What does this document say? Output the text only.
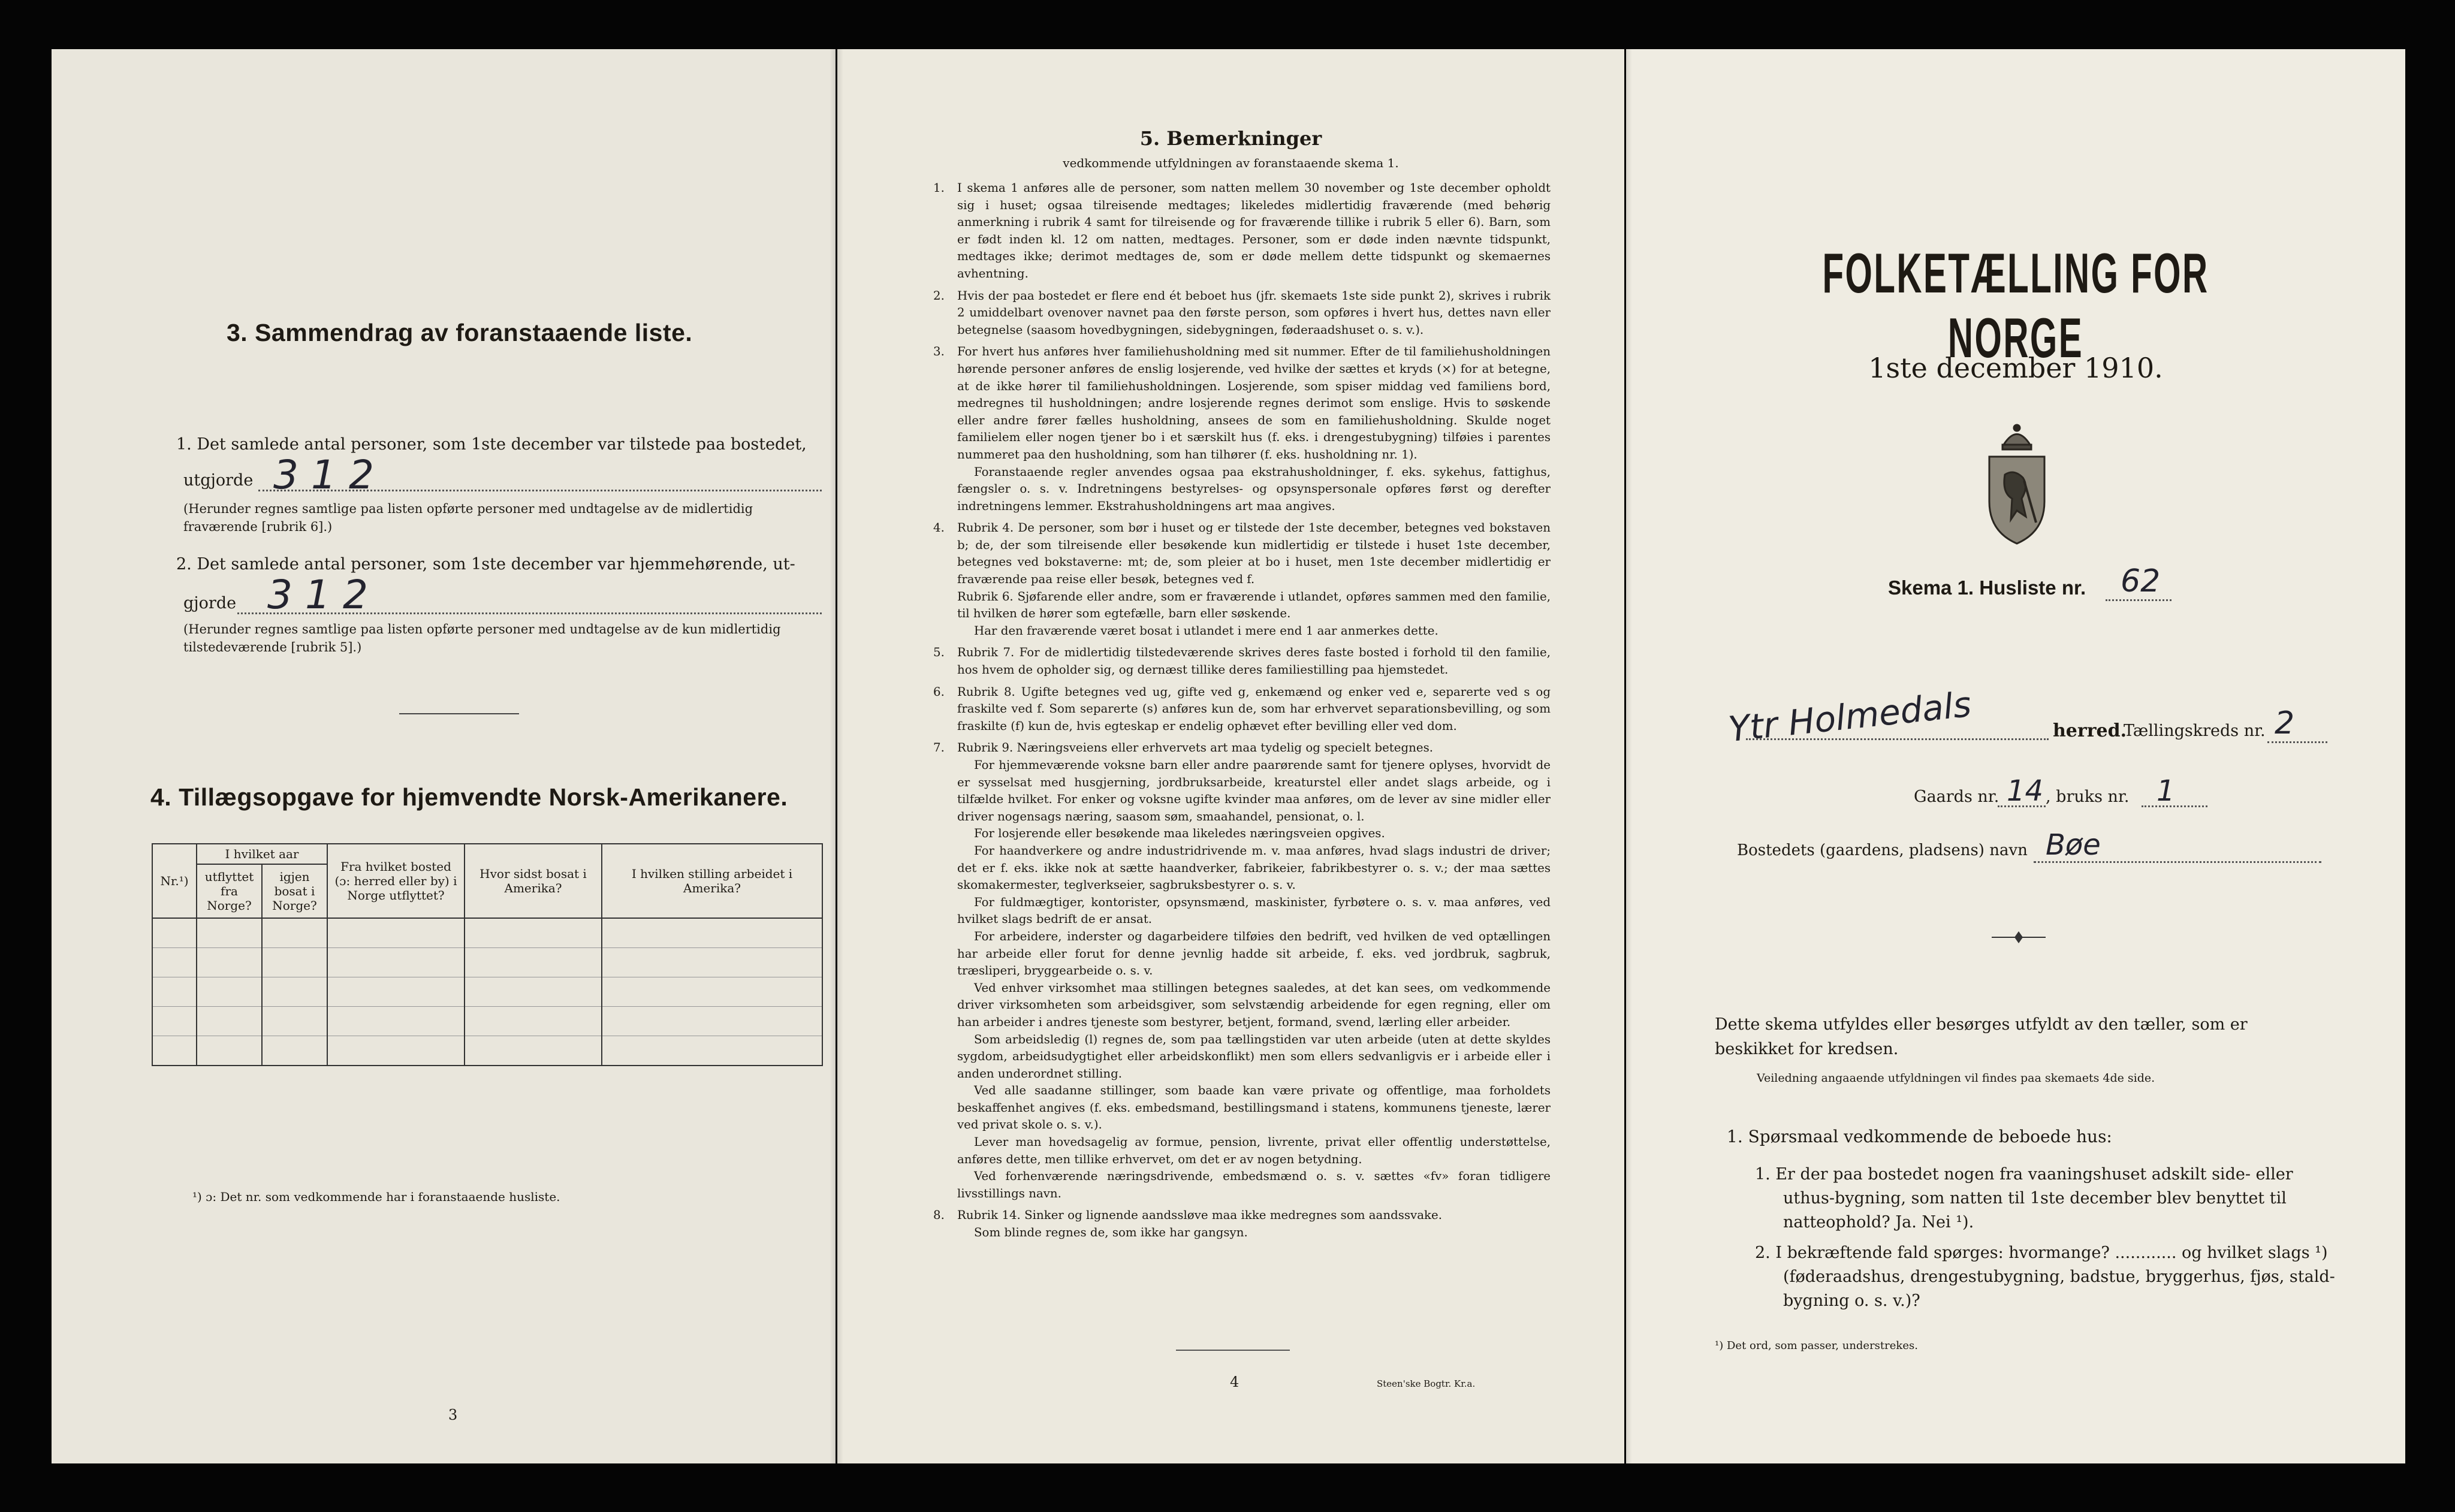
3. Sammendrag av foranstaaende liste.
1. Det samlede antal personer, som 1ste december var tilstede paa bostedet,
utgjorde 3 1 2
(Herunder regnes samtlige paa listen opførte personer med undtagelse av de midlertidig fraværende [rubrik 6].)
2. Det samlede antal personer, som 1ste december var hjemmehørende, ut-
gjorde 3 1 2
(Herunder regnes samtlige paa listen opførte personer med undtagelse av de kun midlertidig tilstedeværende [rubrik 5].)
4. Tillægsopgave for hjemvendte Norsk-Amerikanere.
Nr.¹)	I hvilket aar		Fra hvilket bosted (ɔ: herred eller by) i Norge utflyttet?	Hvor sidst bosat i Amerika?	I hvilken stilling arbeidet i Amerika?
	utflyttet fra Norge?	igjen bosat i Norge?			

¹) ɔ: Det nr. som vedkommende har i foranstaaende husliste.
3
5. Bemerkninger
vedkommende utfyldningen av foranstaaende skema 1.
1. I skema 1 anføres alle de personer, som natten mellem 30 november og 1ste december opholdt sig i huset; ogsaa tilreisende medtages; likeledes midlertidig fraværende (med behørig anmerkning i rubrik 4 samt for tilreisende og for fraværende tillike i rubrik 5 eller 6). Barn, som er født inden kl. 12 om natten, medtages. Personer, som er døde inden nævnte tidspunkt, medtages ikke; derimot medtages de, som er døde mellem dette tidspunkt og skemaernes avhentning.
2. Hvis der paa bostedet er flere end ét beboet hus (jfr. skemaets 1ste side punkt 2), skrives i rubrik 2 umiddelbart ovenover navnet paa den første person, som opføres i hvert hus, dettes navn eller betegnelse (saasom hovedbygningen, sidebygningen, føderaadshuset o. s. v.).
3. For hvert hus anføres hver familiehusholdning med sit nummer. Efter de til familiehusholdningen hørende personer anføres de enslig losjerende, ved hvilke der sættes et kryds (×) for at betegne, at de ikke hører til familiehusholdningen. Losjerende, som spiser middag ved familiens bord, medregnes til husholdningen; andre losjerende regnes derimot som enslige. Hvis to søskende eller andre fører fælles husholdning, ansees de som en familiehusholdning. Skulde noget familielem eller nogen tjener bo i et særskilt hus (f. eks. i drengestubygning) tilføies i parentes nummeret paa den husholdning, som han tilhører (f. eks. husholdning nr. 1).
Foranstaaende regler anvendes ogsaa paa ekstrahusholdninger, f. eks. sykehus, fattighus, fængsler o. s. v. Indretningens bestyrelses- og opsynspersonale opføres først og derefter indretningens lemmer. Ekstrahusholdningens art maa angives.
4. Rubrik 4. De personer, som bør i huset og er tilstede der 1ste december, betegnes ved bokstaven b; de, der som tilreisende eller besøkende kun midlertidig er tilstede i huset 1ste december, betegnes ved bokstaverne: mt; de, som pleier at bo i huset, men 1ste december midlertidig er fraværende paa reise eller besøk, betegnes ved f.
Rubrik 6. Sjøfarende eller andre, som er fraværende i utlandet, opføres sammen med den familie, til hvilken de hører som egtefælle, barn eller søskende.
Har den fraværende været bosat i utlandet i mere end 1 aar anmerkes dette.
5. Rubrik 7. For de midlertidig tilstedeværende skrives deres faste bosted i forhold til den familie, hos hvem de opholder sig, og dernæst tillike deres familiestilling paa hjemstedet.
6. Rubrik 8. Ugifte betegnes ved ug, gifte ved g, enkemænd og enker ved e, separerte ved s og fraskilte ved f. Som separerte (s) anføres kun de, som har erhvervet separationsbevilling, og som fraskilte (f) kun de, hvis egteskap er endelig ophævet efter bevilling eller ved dom.
7. Rubrik 9. Næringsveiens eller erhvervets art maa tydelig og specielt betegnes.
For hjemmeværende voksne barn eller andre paarørende samt for tjenere oplyses, hvorvidt de er sysselsat med husgjerning, jordbruksarbeide, kreaturstel eller andet slags arbeide, og i tilfælde hvilket. For enker og voksne ugifte kvinder maa anføres, om de lever av sine midler eller driver nogensags næring, saasom søm, smaahandel, pensionat, o. l.
For losjerende eller besøkende maa likeledes næringsveien opgives.
For haandverkere og andre industridrivende m. v. maa anføres, hvad slags industri de driver; det er f. eks. ikke nok at sætte haandverker, fabrikeier, fabrikbestyrer o. s. v.; der maa sættes skomakermester, teglverkseier, sagbruksbestyrer o. s. v.
For fuldmægtiger, kontorister, opsynsmænd, maskinister, fyrbøtere o. s. v. maa anføres, ved hvilket slags bedrift de er ansat.
For arbeidere, inderster og dagarbeidere tilføies den bedrift, ved hvilken de ved optællingen har arbeide eller forut for denne jevnlig hadde sit arbeide, f. eks. ved jordbruk, sagbruk, træsliperi, bryggearbeide o. s. v.
Ved enhver virksomhet maa stillingen betegnes saaledes, at det kan sees, om vedkommende driver virksomheten som arbeidsgiver, som selvstændig arbeidende for egen regning, eller om han arbeider i andres tjeneste som bestyrer, betjent, formand, svend, lærling eller arbeider.
Som arbeidsledig (l) regnes de, som paa tællingstiden var uten arbeide (uten at dette skyldes sygdom, arbeidsudygtighet eller arbeidskonflikt) men som ellers sedvanligvis er i arbeide eller i anden underordnet stilling.
Ved alle saadanne stillinger, som baade kan være private og offentlige, maa forholdets beskaffenhet angives (f. eks. embedsmand, bestillingsmand i statens, kommunens tjeneste, lærer ved privat skole o. s. v.).
Lever man hovedsagelig av formue, pension, livrente, privat eller offentlig understøttelse, anføres dette, men tillike erhvervet, om det er av nogen betydning.
Ved forhenværende næringsdrivende, embedsmænd o. s. v. sættes «fv» foran tidligere livsstillings navn.
8. Rubrik 14. Sinker og lignende aandssløve maa ikke medregnes som aandssvake.
Som blinde regnes de, som ikke har gangsyn.
4	Steen'ske Bogtr. Kr.a.
FOLKETÆLLING FOR NORGE
1ste december 1910.
Skema 1. Husliste nr. 62
Ytr Holmedals	herred.
Tællingskreds nr. 2
Gaards nr. 14 , bruks nr. 1
Bostedets (gaardens, pladsens) navn Bøe
Dette skema utfyldes eller besørges utfyldt av den tæller, som er
beskikket for kredsen.
Veiledning angaaende utfyldningen vil findes paa skemaets 4de side.
1. Spørsmaal vedkommende de beboede hus:
1. Er der paa bostedet nogen fra vaaningshuset adskilt side- eller
uthus-bygning, som natten til 1ste december blev benyttet til
natteophold? Ja. Nei ¹).
2. I bekræftende fald spørges: hvormange? ............ og hvilket slags ¹)
(føderaadshus, drengestubygning, badstue, bryggerhus, fjøs, stald-
bygning o. s. v.)?
¹) Det ord, som passer, understrekes.
